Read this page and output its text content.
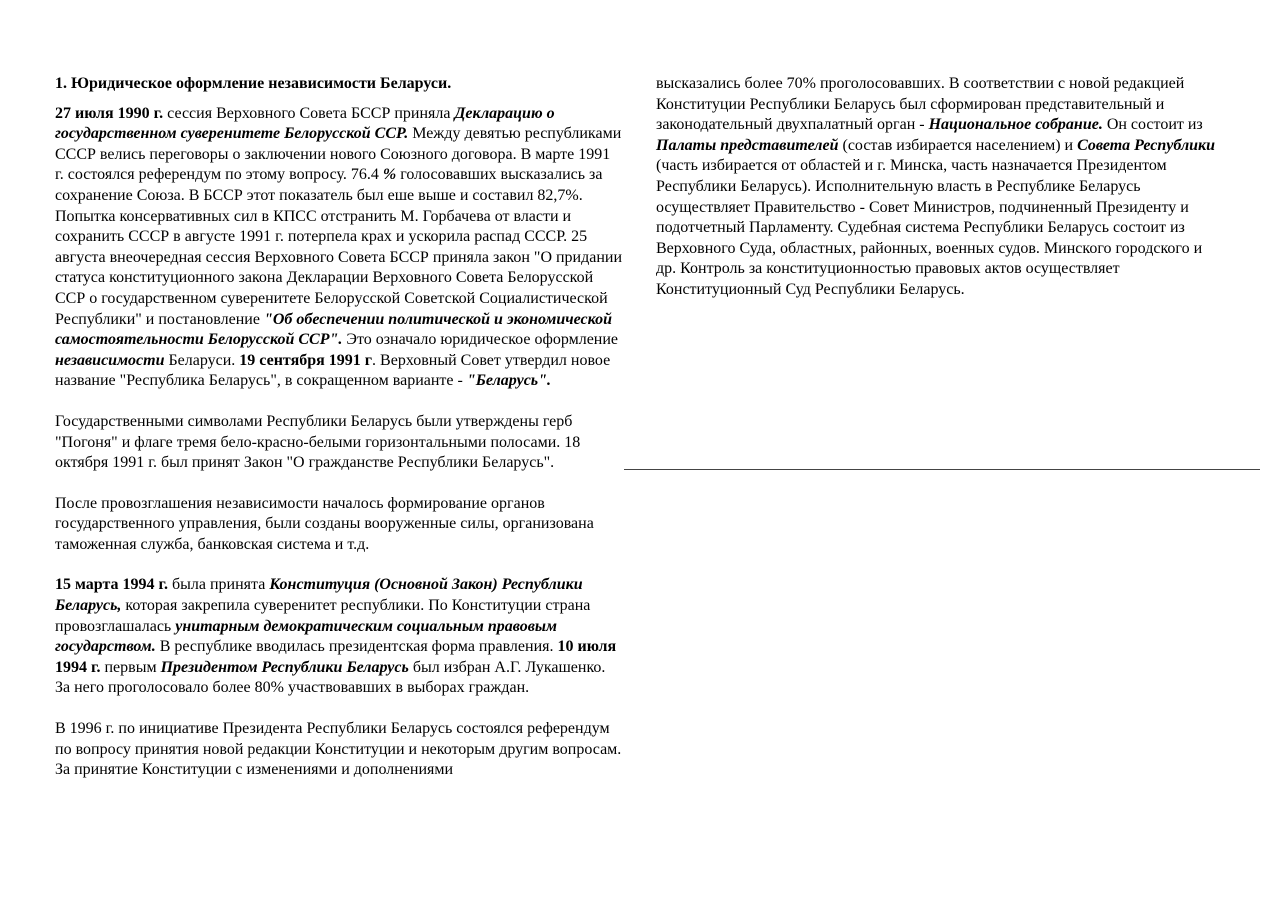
1. Юридическое оформление независимости Беларуси.

27 июля 1990 г. сессия Верховного Совета БССР приняла Декларацию о государственном суверенитете Белорусской ССР. Между девятью республиками СССР велись переговоры о заключении нового Союзного договора. В марте 1991 г. состоялся референдум по этому вопросу. 76.4 % голосовавших высказались за сохранение Союза. В БССР этот показатель был еше выше и составил 82,7%. Попытка консервативных сил в КПСС отстранить М. Горбачева от власти и сохранить СССР в августе 1991 г. потерпела крах и ускорила распад СССР. 25 августа внеочередная сессия Верховного Совета БССР приняла закон "О придании статуса конституционного закона Декларации Верховного Совета Белорусской ССР о государственном суверенитете Белорусской Советской Социалистической Республики" и постановление "Об обеспечении политической и экономической самостоятельности Белорусской ССР". Это означало юридическое оформление независимости Беларуси. 19 сентября 1991 г. Верховный Совет утвердил новое название "Республика Беларусь", в сокращенном варианте - "Беларусь".

Государственными символами Республики Беларусь были утверждены герб "Погоня" и флаге тремя бело-красно-белыми горизонтальными полосами. 18 октября 1991 г. был принят Закон "О гражданстве Республики Беларусь".

После провозглашения независимости началось формирование органов государственного управления, были созданы вооруженные силы, организована таможенная служба, банковская система и т.д.

15 марта 1994 г. была принята Конституция (Основной Закон) Республики Беларусь, которая закрепила суверенитет республики. По Конституции страна провозглашалась унитарным демократическим социальным правовым государством. В республике вводилась президентская форма правления. 10 июля 1994 г. первым Президентом Республики Беларусь был избран А.Г. Лукашенко. За него проголосовало более 80% участвовавших в выборах граждан.

В 1996 г. по инициативе Президента Республики Беларусь состоялся референдум по вопросу принятия новой редакции Конституции и некоторым другим вопросам. За принятие Конституции с изменениями и дополнениями

высказались более 70% проголосовавших. В соответствии с новой редакцией Конституции Республики Беларусь был сформирован представительный и законодательный двухпалатный орган - Национальное собрание. Он состоит из Палаты представителей (состав избирается населением) и Совета Республики (часть избирается от областей и г. Минска, часть назначается Президентом Республики Беларусь). Исполнительную власть в Республике Беларусь осуществляет Правительство - Совет Министров, подчиненный Президенту и подотчетный Парламенту. Судебная система Республики Беларусь состоит из Верховного Суда, областных, районных, военных судов. Минского городского и др. Контроль за конституционностью правовых актов осуществляет Конституционный Суд Республики Беларусь.
